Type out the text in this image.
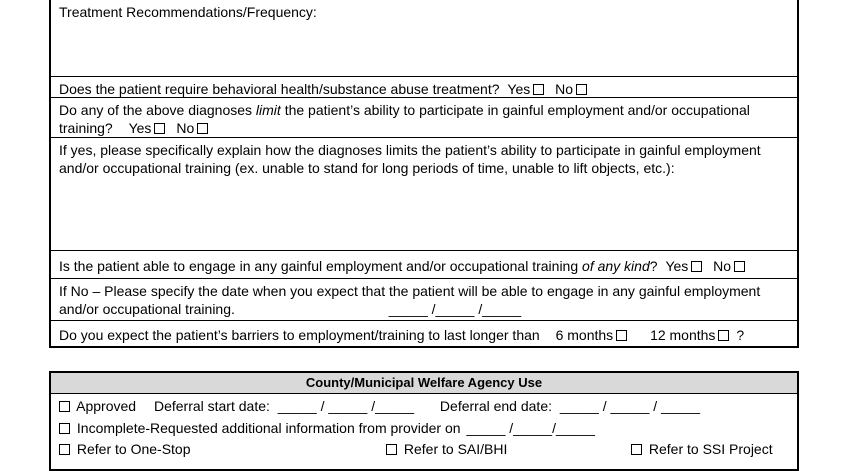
Treatment Recommendations/Frequency:
Does the patient require behavioral health/substance abuse treatment? Yes No
Do any of the above diagnoses limit the patient’s ability to participate in gainful employment and/or occupational
training? Yes No
If yes, please specifically explain how the diagnoses limits the patient’s ability to participate in gainful employment and/or occupational training (ex. unable to stand for long periods of time, unable to lift objects, etc.):
Is the patient able to engage in any gainful employment and/or occupational training of any kind? Yes No
If No – Please specify the date when you expect that the patient will be able to engage in any gainful employment
and/or occupational training.	_____ /_____ /_____
Do you expect the patient’s barriers to employment/training to last longer than 6 months	12 months ?
County/Municipal Welfare Agency Use
Approved Deferral start date: _____ / _____ /_____ Deferral end date: _____ / _____ / _____
Incomplete-Requested additional information from provider on _____ /_____/_____
Refer to One-Stop	Refer to SAI/BHI	Refer to SSI Project
